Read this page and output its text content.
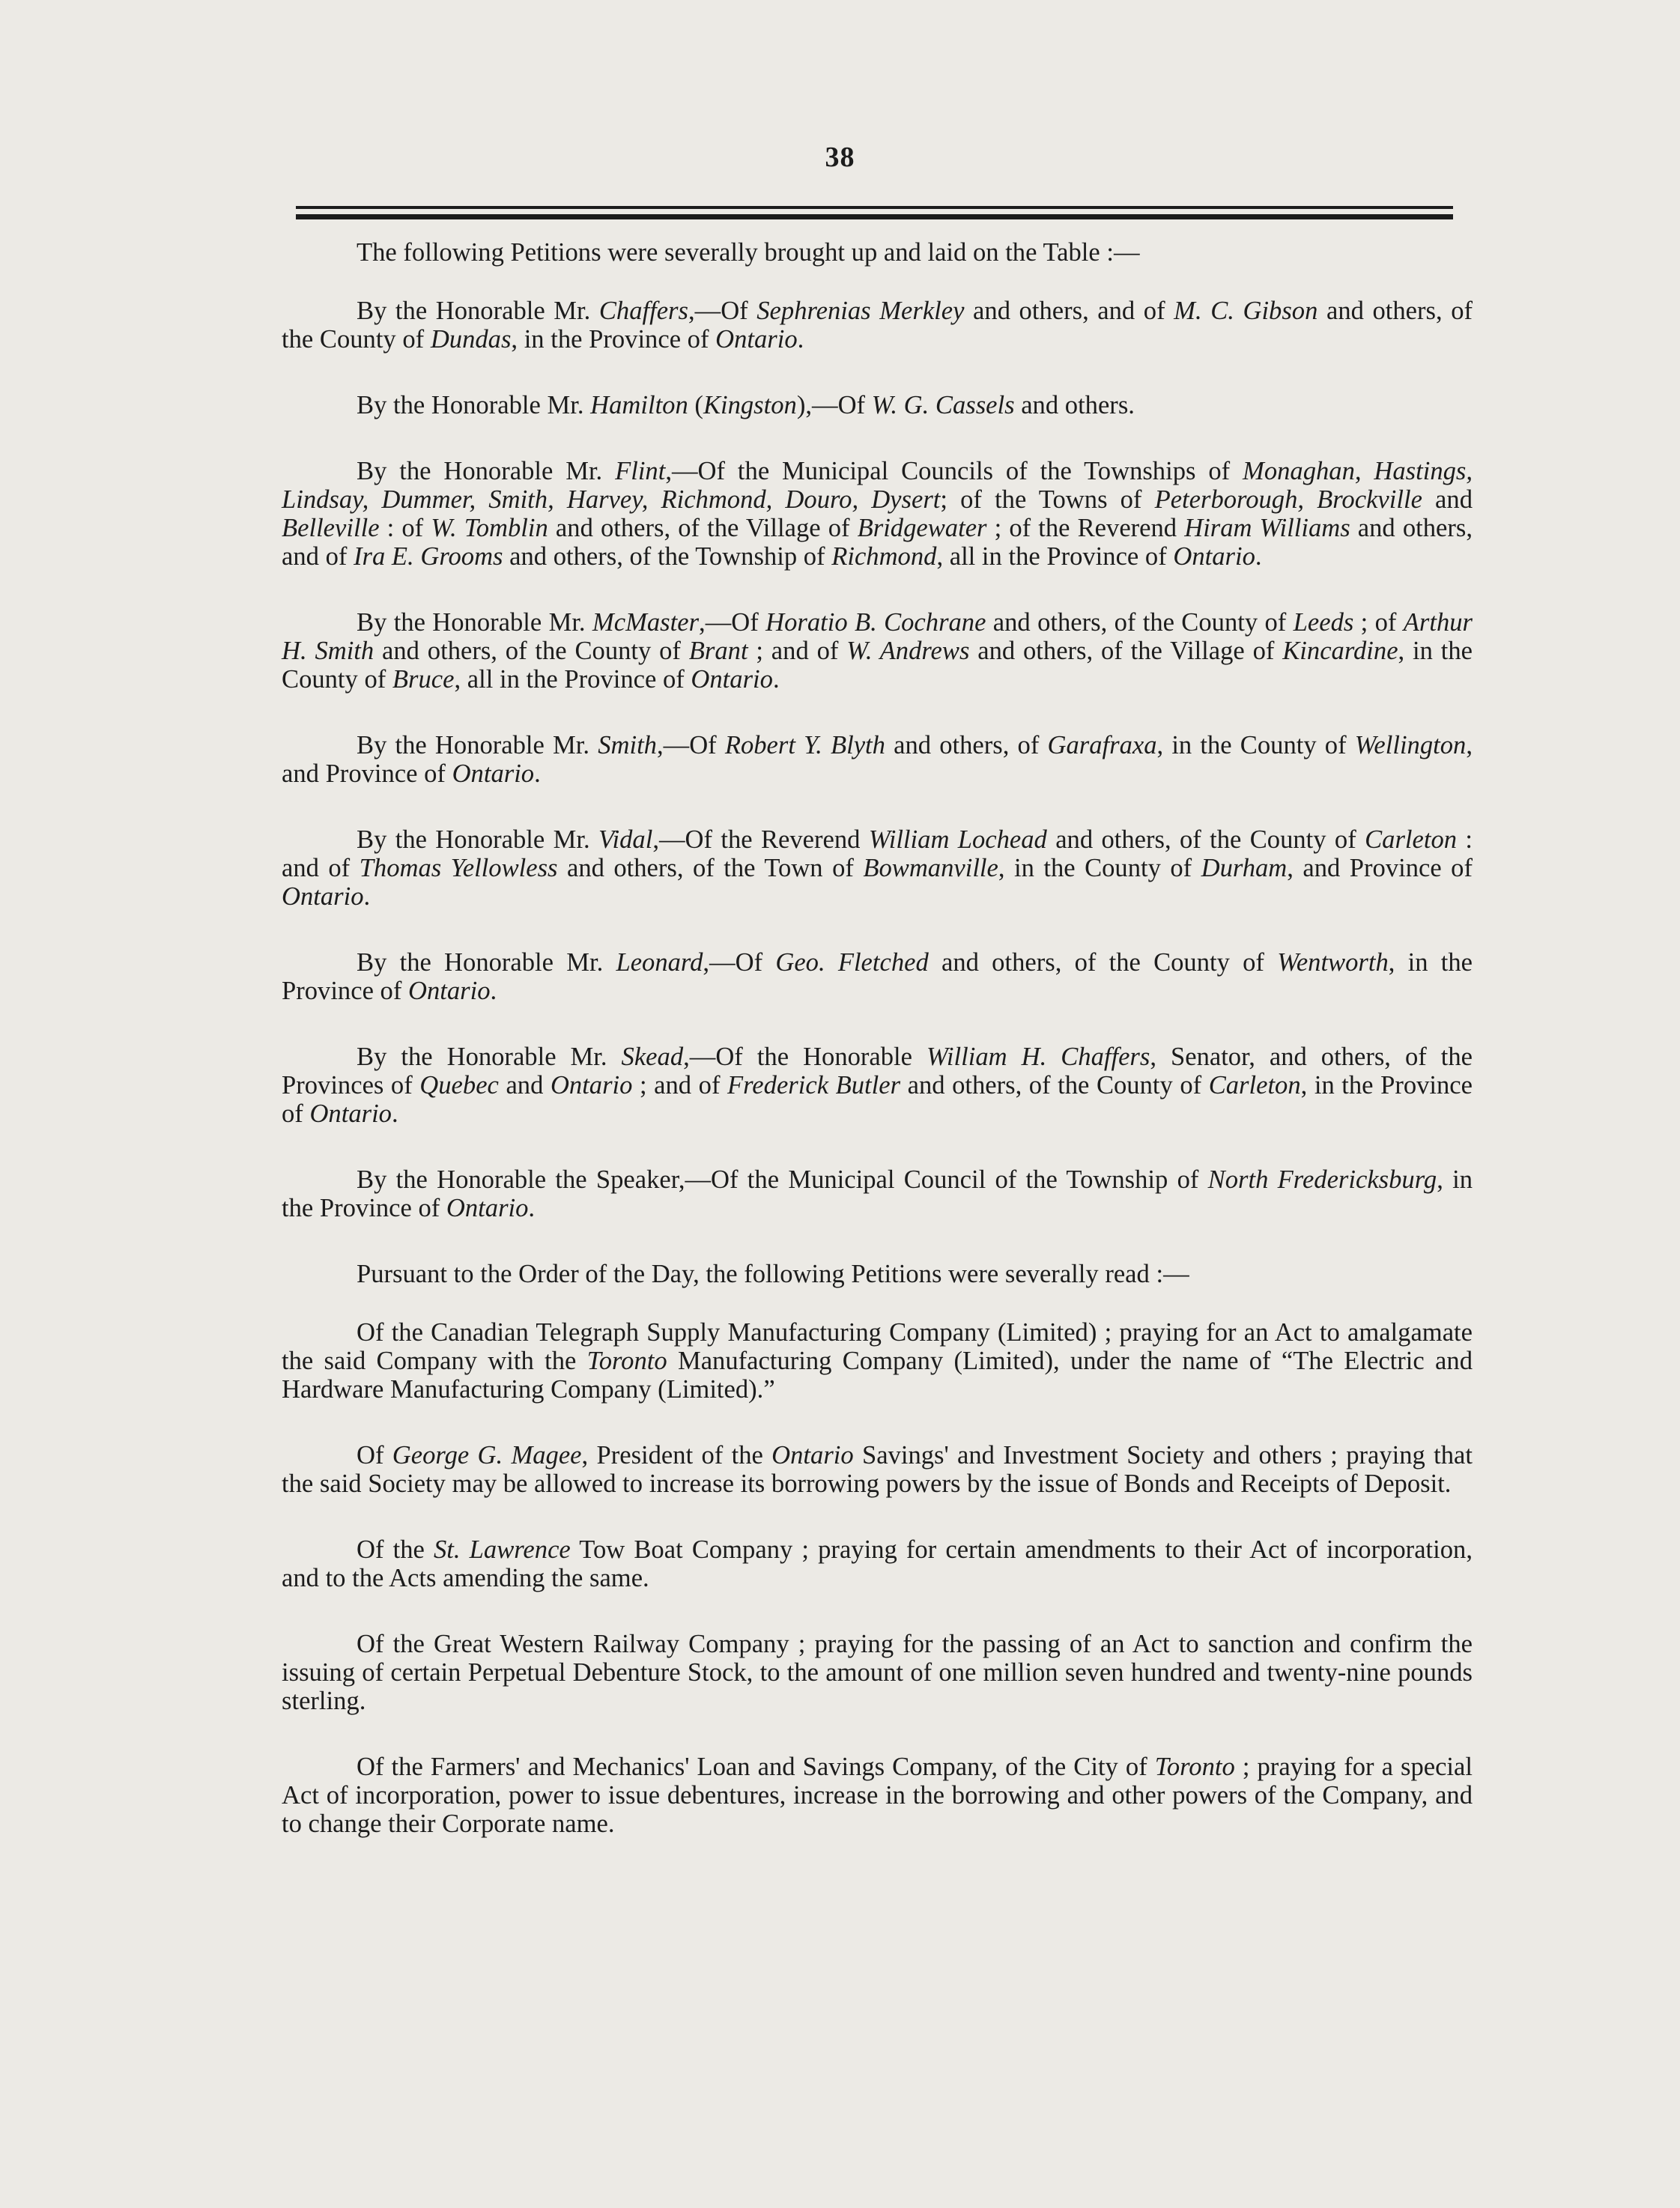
38

The following Petitions were severally brought up and laid on the Table :—

By the Honorable Mr. Chaffers,—Of Sephrenias Merkley and others, and of M. C. Gibson and others, of the County of Dundas, in the Province of Ontario.

By the Honorable Mr. Hamilton (Kingston),—Of W. G. Cassels and others.

By the Honorable Mr. Flint,—Of the Municipal Councils of the Townships of Monaghan, Hastings, Lindsay, Dummer, Smith, Harvey, Richmond, Douro, Dysert; of the Towns of Peterborough, Brockville and Belleville : of W. Tomblin and others, of the Village of Bridgewater ; of the Reverend Hiram Williams and others, and of Ira E. Grooms and others, of the Township of Richmond, all in the Province of Ontario.

By the Honorable Mr. McMaster,—Of Horatio B. Cochrane and others, of the County of Leeds ; of Arthur H. Smith and others, of the County of Brant ; and of W. Andrews and others, of the Village of Kincardine, in the County of Bruce, all in the Province of Ontario.

By the Honorable Mr. Smith,—Of Robert Y. Blyth and others, of Garafraxa, in the County of Wellington, and Province of Ontario.

By the Honorable Mr. Vidal,—Of the Reverend William Lochead and others, of the County of Carleton : and of Thomas Yellowless and others, of the Town of Bowmanville, in the County of Durham, and Province of Ontario.

By the Honorable Mr. Leonard,—Of Geo. Fletched and others, of the County of Wentworth, in the Province of Ontario.

By the Honorable Mr. Skead,—Of the Honorable William H. Chaffers, Senator, and others, of the Provinces of Quebec and Ontario ; and of Frederick Butler and others, of the County of Carleton, in the Province of Ontario.

By the Honorable the Speaker,—Of the Municipal Council of the Township of North Fredericksburg, in the Province of Ontario.

Pursuant to the Order of the Day, the following Petitions were severally read :—

Of the Canadian Telegraph Supply Manufacturing Company (Limited) ; praying for an Act to amalgamate the said Company with the Toronto Manufacturing Company (Limited), under the name of “The Electric and Hardware Manufacturing Company (Limited).”

Of George G. Magee, President of the Ontario Savings' and Investment Society and others ; praying that the said Society may be allowed to increase its borrowing powers by the issue of Bonds and Receipts of Deposit.

Of the St. Lawrence Tow Boat Company ; praying for certain amendments to their Act of incorporation, and to the Acts amending the same.

Of the Great Western Railway Company ; praying for the passing of an Act to sanction and confirm the issuing of certain Perpetual Debenture Stock, to the amount of one million seven hundred and twenty-nine pounds sterling.

Of the Farmers' and Mechanics' Loan and Savings Company, of the City of Toronto ; praying for a special Act of incorporation, power to issue debentures, increase in the borrowing and other powers of the Company, and to change their Corporate name.
